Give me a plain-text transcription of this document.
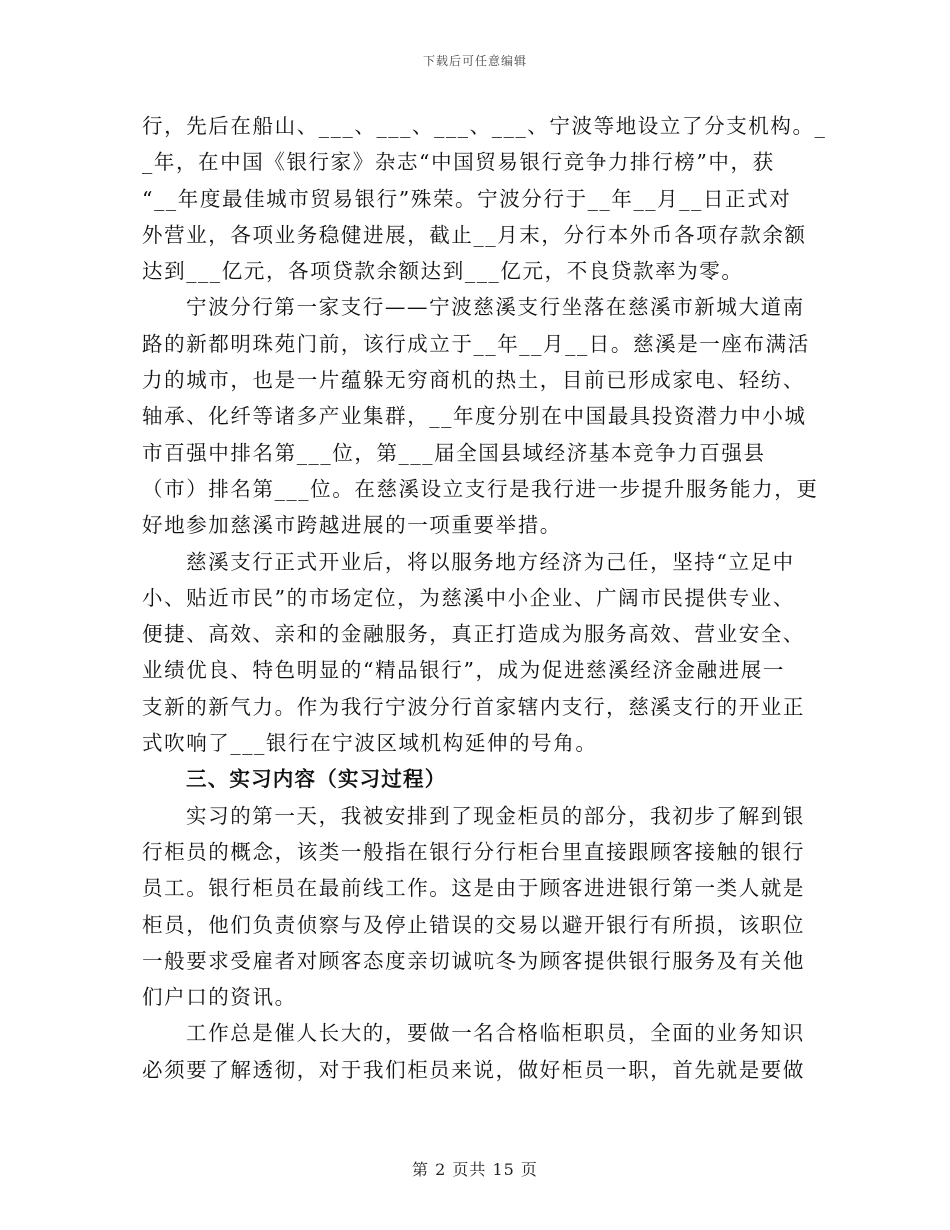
下载后可任意编辑
行，先后在船山、___、___、___、___、宁波等地设立了分支机构。_
_年，在中国《银行家》杂志“中国贸易银行竞争力排行榜”中，获
“__年度最佳城市贸易银行”殊荣。宁波分行于__年__月__日正式对
外营业，各项业务稳健进展，截止__月末，分行本外币各项存款余额
达到___亿元，各项贷款余额达到___亿元，不良贷款率为零。
宁波分行第一家支行——宁波慈溪支行坐落在慈溪市新城大道南
路的新都明珠苑门前，该行成立于__年__月__日。慈溪是一座布满活
力的城市，也是一片蕴躲无穷商机的热土，目前已形成家电、轻纺、
轴承、化纤等诸多产业集群，__年度分别在中国最具投资潜力中小城
市百强中排名第___位，第___届全国县域经济基本竞争力百强县
（市）排名第___位。在慈溪设立支行是我行进一步提升服务能力，更
好地参加慈溪市跨越进展的一项重要举措。
慈溪支行正式开业后，将以服务地方经济为己任，坚持“立足中
小、贴近市民”的市场定位，为慈溪中小企业、广阔市民提供专业、
便捷、高效、亲和的金融服务，真正打造成为服务高效、营业安全、
业绩优良、特色明显的“精品银行”，成为促进慈溪经济金融进展一
支新的新气力。作为我行宁波分行首家辖内支行，慈溪支行的开业正
式吹响了___银行在宁波区域机构延伸的号角。
三、实习内容（实习过程）
实习的第一天，我被安排到了现金柜员的部分，我初步了解到银
行柜员的概念，该类一般指在银行分行柜台里直接跟顾客接触的银行
员工。银行柜员在最前线工作。这是由于顾客进进银行第一类人就是
柜员，他们负责侦察与及停止错误的交易以避开银行有所损，该职位
一般要求受雇者对顾客态度亲切诚吭冬为顾客提供银行服务及有关他
们户口的资讯。
工作总是催人长大的，要做一名合格临柜职员，全面的业务知识
必须要了解透彻，对于我们柜员来说，做好柜员一职，首先就是要做
第 2 页共 15 页
